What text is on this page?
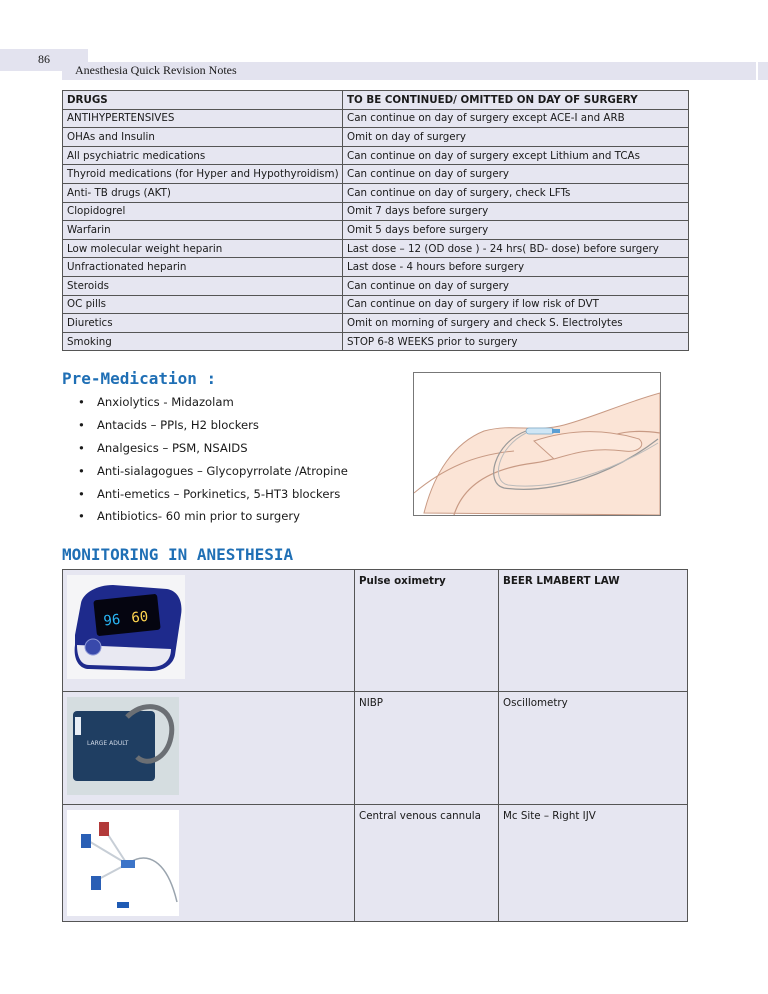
86
Anesthesia Quick Revision Notes
DRUGS	TO BE CONTINUED/ OMITTED ON DAY OF SURGERY
ANTIHYPERTENSIVES	Can continue on day of surgery except ACE-I and ARB
OHAs and Insulin	Omit on day of surgery
All psychiatric medications	Can continue on day of surgery except Lithium and TCAs
Thyroid medications (for Hyper and Hypothyroidism)	Can continue on day of surgery
Anti- TB drugs (AKT)	Can continue on day of surgery, check LFTs
Clopidogrel	Omit 7 days before surgery
Warfarin	Omit 5 days before surgery
Low molecular weight heparin	Last dose – 12 (OD dose ) - 24 hrs( BD- dose) before surgery
Unfractionated heparin	Last dose - 4 hours before surgery
Steroids	Can continue on day of surgery
OC pills	Can continue on day of surgery if low risk of DVT
Diuretics	Omit on morning of surgery and check S. Electrolytes
Smoking	STOP 6-8 WEEKS prior to surgery
Pre-Medication :
• Anxiolytics - Midazolam
• Antacids – PPIs, H2 blockers
• Analgesics – PSM, NSAIDS
• Anti-sialagogues – Glycopyrrolate /Atropine
• Anti-emetics – Porkinetics, 5-HT3 blockers
• Antibiotics- 60 min prior to surgery
MONITORING IN ANESTHESIA
96 60	Pulse oximetry	BEER LMABERT LAW

LARGE ADULT	NIBP	Oscillometry

	Central venous cannula	Mc Site – Right IJV
